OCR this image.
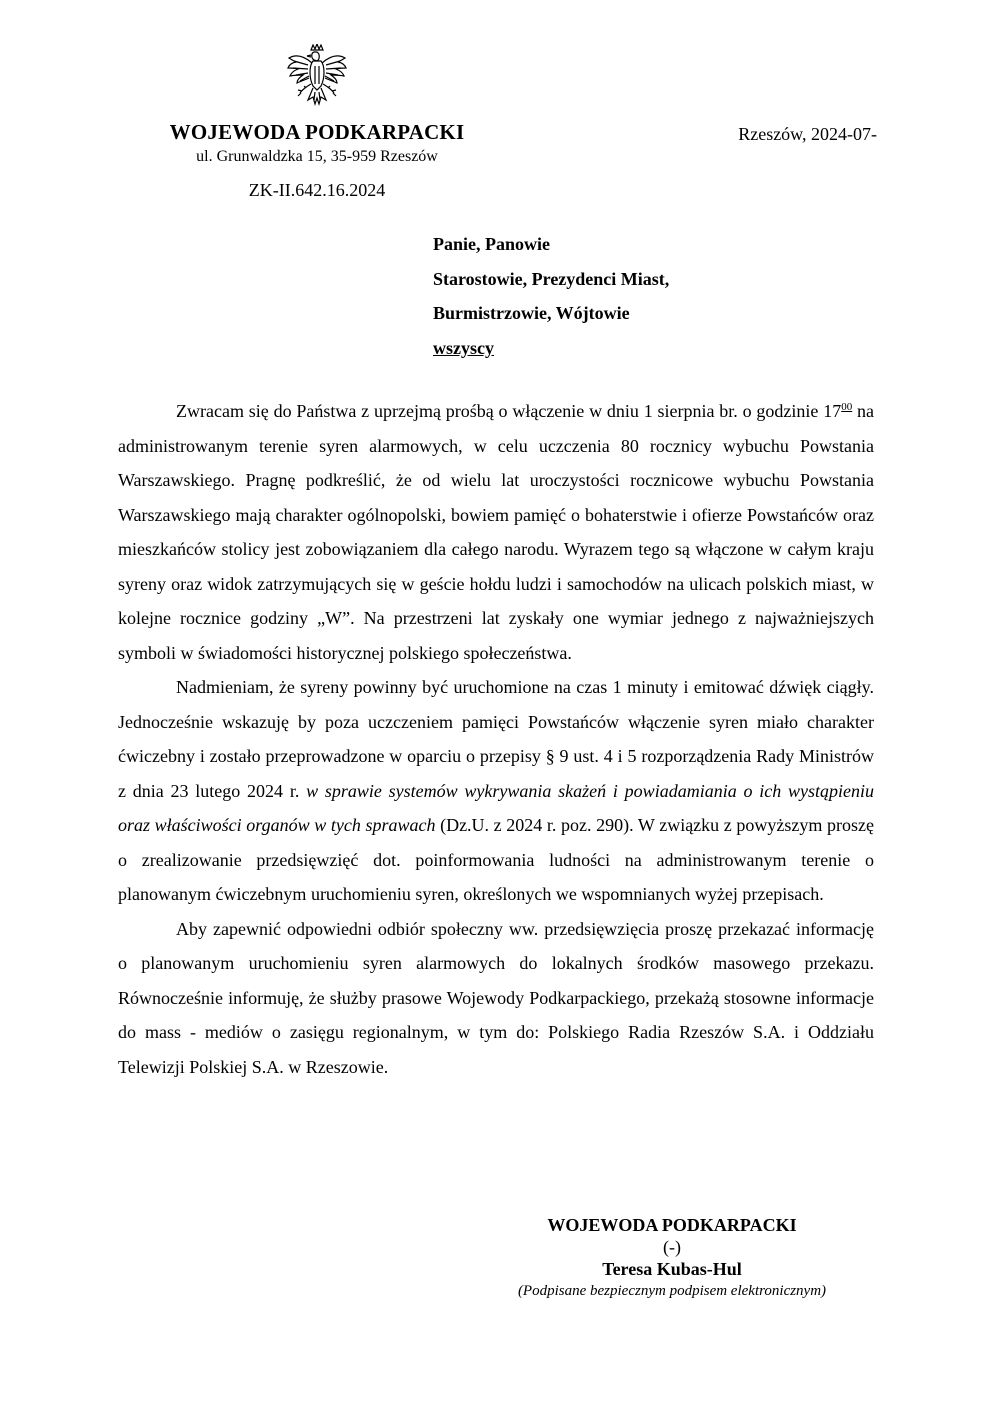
WOJEWODA PODKARPACKI
ul. Grunwaldzka 15, 35-959 Rzeszów
Rzeszów, 2024-07-
ZK-II.642.16.2024
Panie, Panowie
Starostowie, Prezydenci Miast,
Burmistrzowie, Wójtowie
wszyscy

Zwracam się do Państwa z uprzejmą prośbą o włączenie w dniu 1 sierpnia br. o godzinie $17^{00}$ na administrowanym terenie syren alarmowych, w celu uczczenia 80 rocznicy wybuchu Powstania Warszawskiego. Pragnę podkreślić, że od wielu lat uroczystości rocznicowe wybuchu Powstania Warszawskiego mają charakter ogólnopolski, bowiem pamięć o bohaterstwie i ofierze Powstańców oraz mieszkańców stolicy jest zobowiązaniem dla całego narodu. Wyrazem tego są włączone w całym kraju syreny oraz widok zatrzymujących się w geście hołdu ludzi i samochodów na ulicach polskich miast, w kolejne rocznice godziny „W”. Na przestrzeni lat zyskały one wymiar jednego z najważniejszych symboli w świadomości historycznej polskiego społeczeństwa.

Nadmieniam, że syreny powinny być uruchomione na czas 1 minuty i emitować dźwięk ciągły. Jednocześnie wskazuję by poza uczczeniem pamięci Powstańców włączenie syren miało charakter ćwiczebny i zostało przeprowadzone w oparciu o przepisy § 9 ust. 4 i 5 rozporządzenia Rady Ministrów z dnia 23 lutego 2024 r. w sprawie systemów wykrywania skażeń i powiadamiania o ich wystąpieniu oraz właściwości organów w tych sprawach (Dz.U. z 2024 r. poz. 290). W związku z powyższym proszę o zrealizowanie przedsięwzięć dot. poinformowania ludności na administrowanym terenie o planowanym ćwiczebnym uruchomieniu syren, określonych we wspomnianych wyżej przepisach.

Aby zapewnić odpowiedni odbiór społeczny ww. przedsięwzięcia proszę przekazać informację o planowanym uruchomieniu syren alarmowych do lokalnych środków masowego przekazu. Równocześnie informuję, że służby prasowe Wojewody Podkarpackiego, przekażą stosowne informacje do mass - mediów o zasięgu regionalnym, w tym do: Polskiego Radia Rzeszów S.A. i Oddziału Telewizji Polskiej S.A. w Rzeszowie.

WOJEWODA PODKARPACKI
(-)
Teresa Kubas-Hul
(Podpisane bezpiecznym podpisem elektronicznym)
